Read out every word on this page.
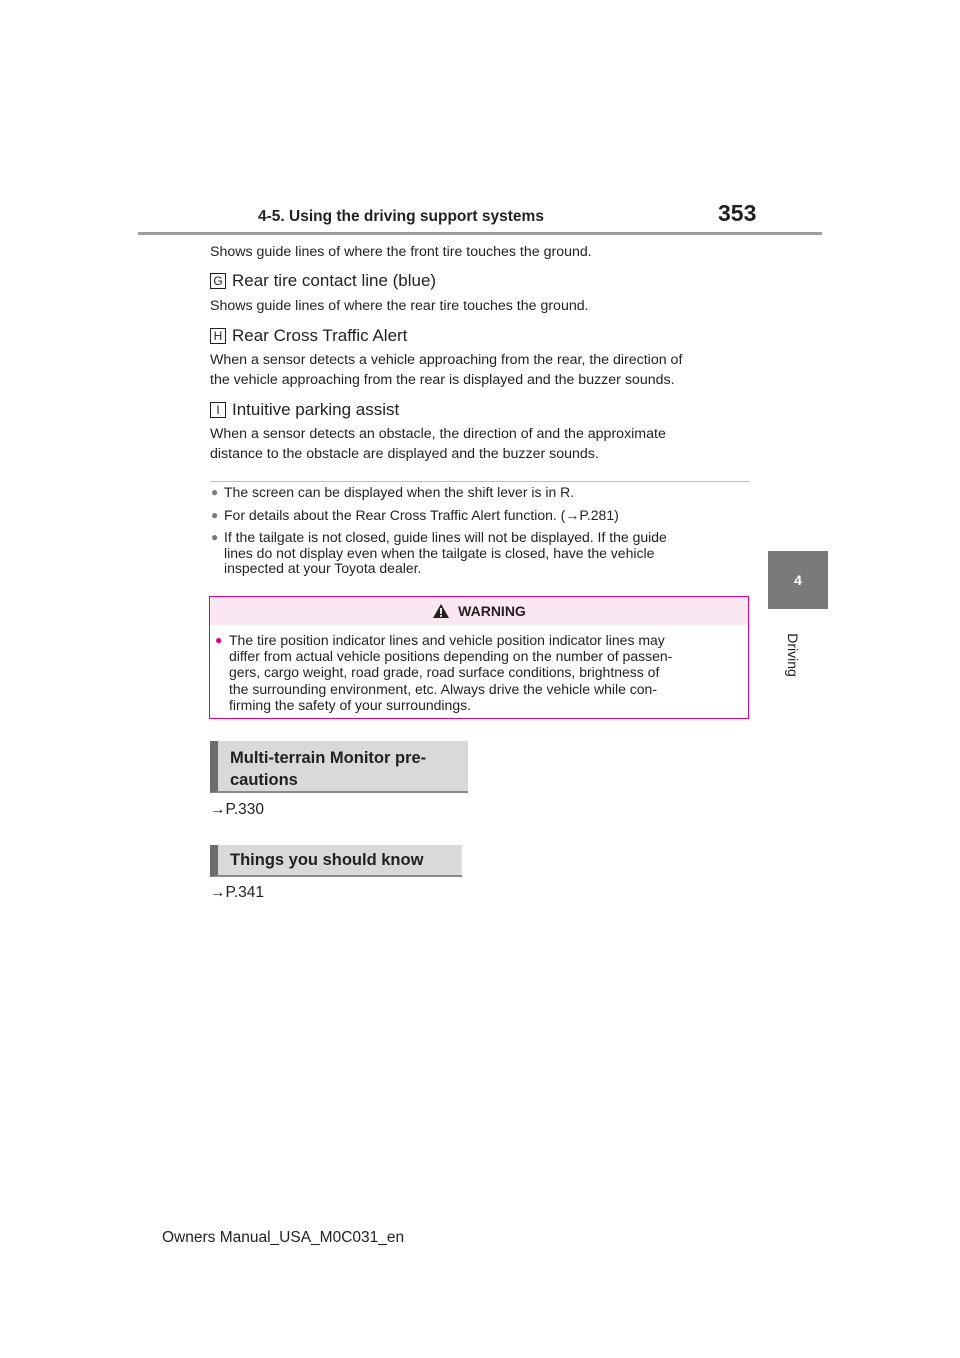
4-5. Using the driving support systems	353
4
Driving
Shows guide lines of where the front tire touches the ground.
G Rear tire contact line (blue)
Shows guide lines of where the rear tire touches the ground.
H Rear Cross Traffic Alert
When a sensor detects a vehicle approaching from the rear, the direction of
the vehicle approaching from the rear is displayed and the buzzer sounds.
I Intuitive parking assist
When a sensor detects an obstacle, the direction of and the approximate
distance to the obstacle are displayed and the buzzer sounds.
● The screen can be displayed when the shift lever is in R.
● For details about the Rear Cross Traffic Alert function. (→P.281)
● If the tailgate is not closed, guide lines will not be displayed. If the guide
lines do not display even when the tailgate is closed, have the vehicle
inspected at your Toyota dealer.
WARNING
● The tire position indicator lines and vehicle position indicator lines may
differ from actual vehicle positions depending on the number of passen-
gers, cargo weight, road grade, road surface conditions, brightness of
the surrounding environment, etc. Always drive the vehicle while con-
firming the safety of your surroundings.
Multi-terrain Monitor pre-
cautions
→P.330
Things you should know
→P.341
Owners Manual_USA_M0C031_en
